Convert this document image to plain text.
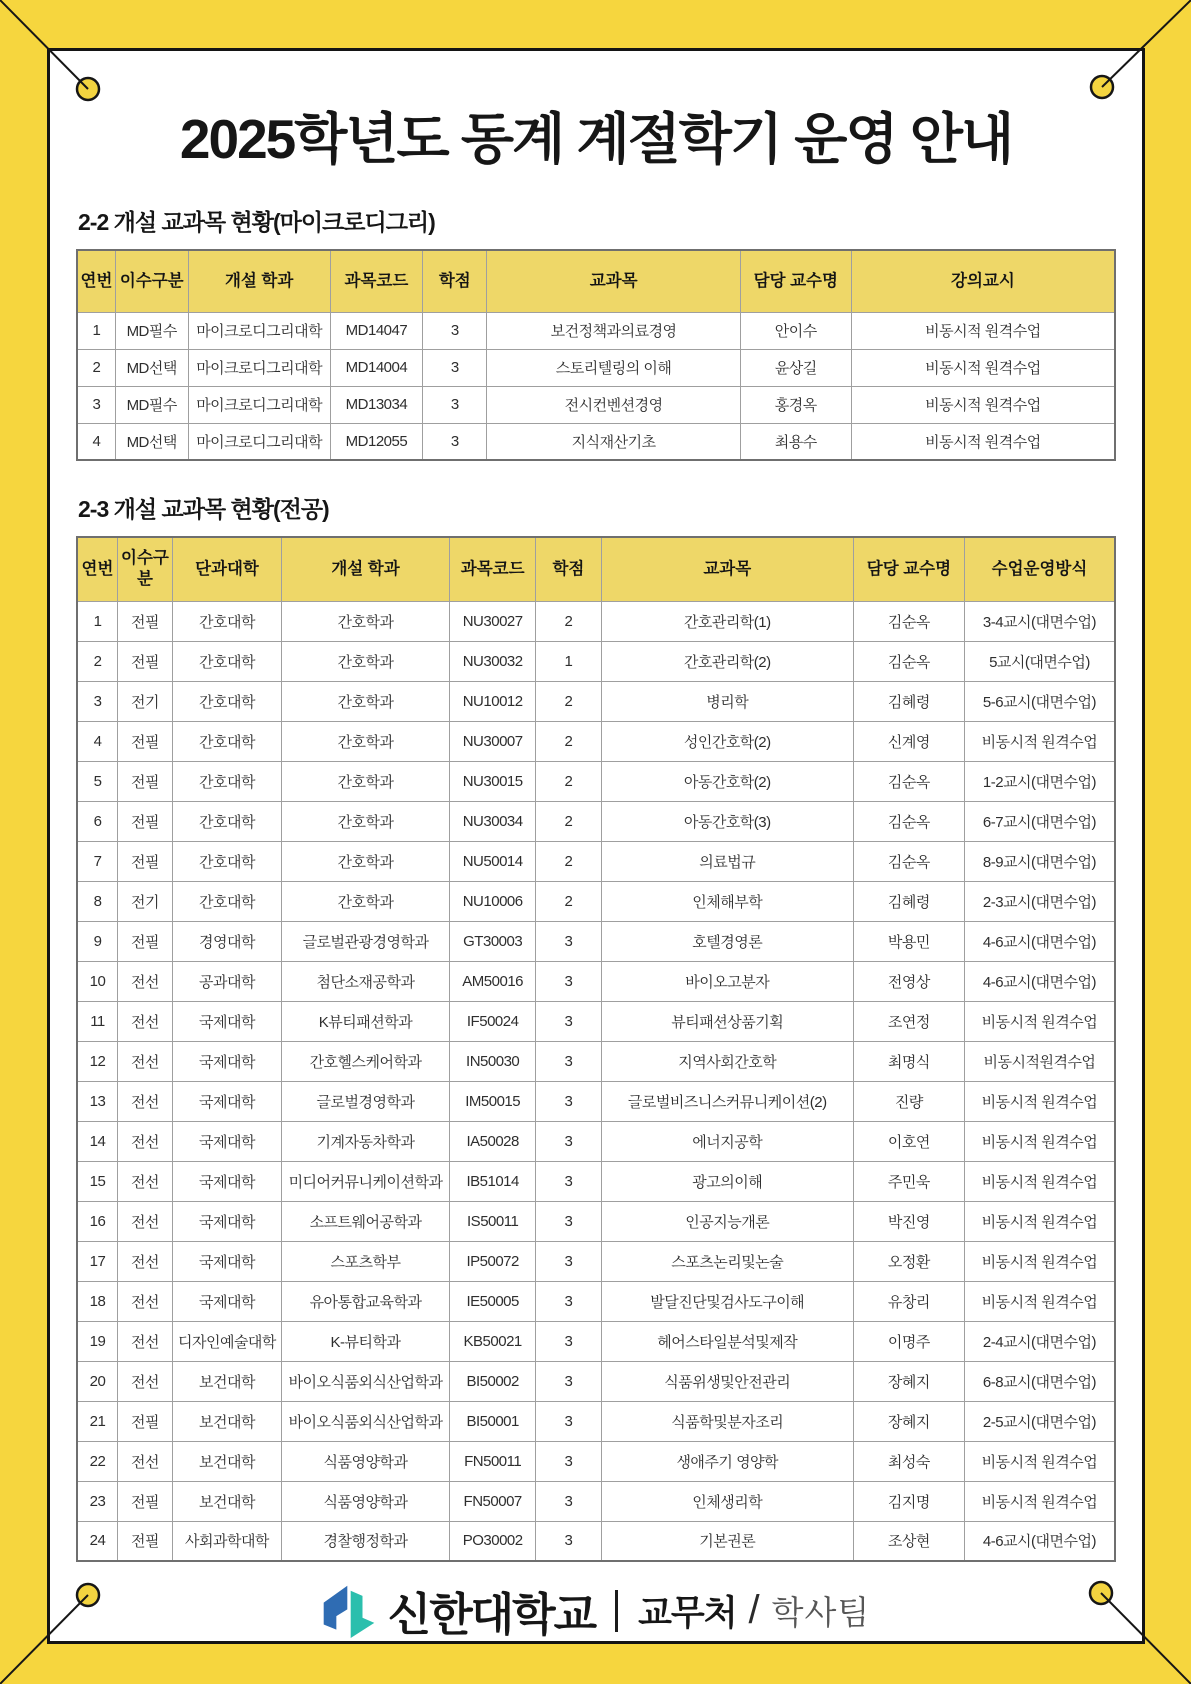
2025학년도 동계 계절학기 운영 안내
2-2 개설 교과목 현황(마이크로디그리)
연번	이수구분	개설 학과	과목코드	학점	교과목	담당 교수명	강의교시
1	MD필수	마이크로디그리대학	MD14047	3	보건정책과의료경영	안이수	비동시적 원격수업
2	MD선택	마이크로디그리대학	MD14004	3	스토리텔링의 이해	윤상길	비동시적 원격수업
3	MD필수	마이크로디그리대학	MD13034	3	전시컨벤션경영	홍경옥	비동시적 원격수업
4	MD선택	마이크로디그리대학	MD12055	3	지식재산기초	최용수	비동시적 원격수업
2-3 개설 교과목 현황(전공)
연번	이수구분	단과대학	개설 학과	과목코드	학점	교과목	담당 교수명	수업운영방식
1	전필	간호대학	간호학과	NU30027	2	간호관리학(1)	김순옥	3-4교시(대면수업)
2	전필	간호대학	간호학과	NU30032	1	간호관리학(2)	김순옥	5교시(대면수업)
3	전기	간호대학	간호학과	NU10012	2	병리학	김혜령	5-6교시(대면수업)
4	전필	간호대학	간호학과	NU30007	2	성인간호학(2)	신계영	비동시적 원격수업
5	전필	간호대학	간호학과	NU30015	2	아동간호학(2)	김순옥	1-2교시(대면수업)
6	전필	간호대학	간호학과	NU30034	2	아동간호학(3)	김순옥	6-7교시(대면수업)
7	전필	간호대학	간호학과	NU50014	2	의료법규	김순옥	8-9교시(대면수업)
8	전기	간호대학	간호학과	NU10006	2	인체해부학	김혜령	2-3교시(대면수업)
9	전필	경영대학	글로벌관광경영학과	GT30003	3	호텔경영론	박용민	4-6교시(대면수업)
10	전선	공과대학	첨단소재공학과	AM50016	3	바이오고분자	전영상	4-6교시(대면수업)
11	전선	국제대학	K뷰티패션학과	IF50024	3	뷰티패션상품기획	조연정	비동시적 원격수업
12	전선	국제대학	간호헬스케어학과	IN50030	3	지역사회간호학	최명식	비동시적원격수업
13	전선	국제대학	글로벌경영학과	IM50015	3	글로벌비즈니스커뮤니케이션(2)	진량	비동시적 원격수업
14	전선	국제대학	기계자동차학과	IA50028	3	에너지공학	이호연	비동시적 원격수업
15	전선	국제대학	미디어커뮤니케이션학과	IB51014	3	광고의이해	주민욱	비동시적 원격수업
16	전선	국제대학	소프트웨어공학과	IS50011	3	인공지능개론	박진영	비동시적 원격수업
17	전선	국제대학	스포츠학부	IP50072	3	스포츠논리및논술	오정환	비동시적 원격수업
18	전선	국제대학	유아통합교육학과	IE50005	3	발달진단및검사도구이해	유창리	비동시적 원격수업
19	전선	디자인예술대학	K-뷰티학과	KB50021	3	헤어스타일분석및제작	이명주	2-4교시(대면수업)
20	전선	보건대학	바이오식품외식산업학과	BI50002	3	식품위생및안전관리	장혜지	6-8교시(대면수업)
21	전필	보건대학	바이오식품외식산업학과	BI50001	3	식품학및분자조리	장혜지	2-5교시(대면수업)
22	전선	보건대학	식품영양학과	FN50011	3	생애주기 영양학	최성숙	비동시적 원격수업
23	전필	보건대학	식품영양학과	FN50007	3	인체생리학	김지명	비동시적 원격수업
24	전필	사회과학대학	경찰행정학과	PO30002	3	기본권론	조상현	4-6교시(대면수업)
신한대학교 교무처 / 학사팀
